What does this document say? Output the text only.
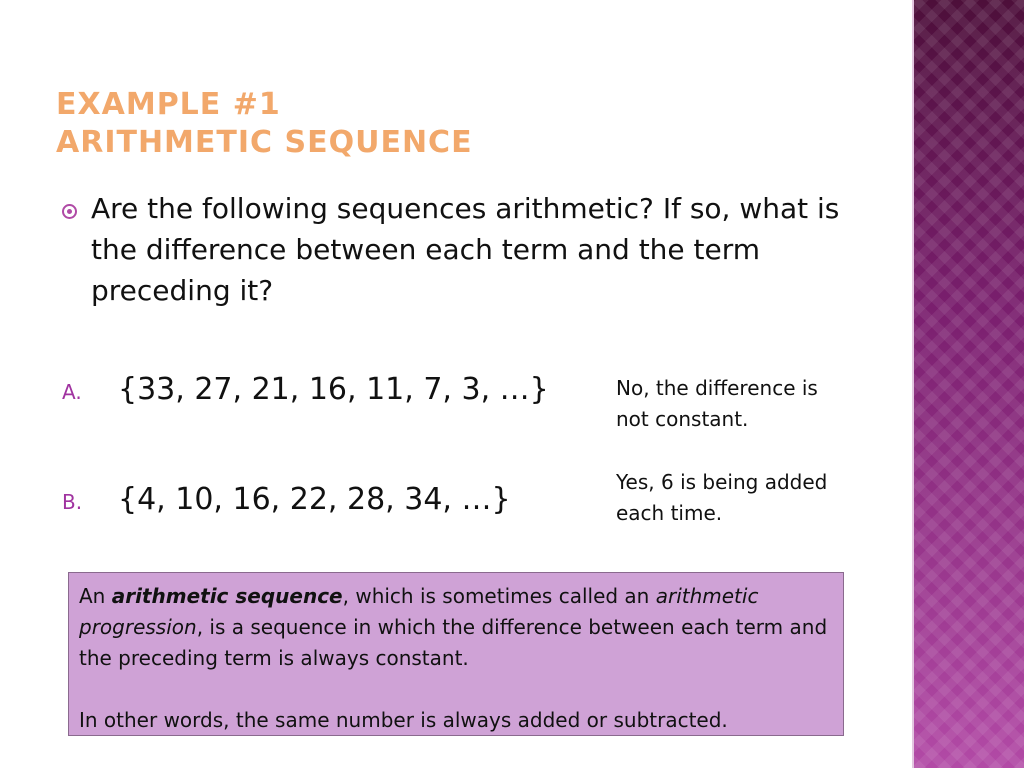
EXAMPLE #1
ARITHMETIC SEQUENCE
Are the following sequences arithmetic? If so, what is the difference between each term and the term preceding it?
A.	{33, 27, 21, 16, 11, 7, 3, …}	No, the difference is not constant.
B.	{4, 10, 16, 22, 28, 34, …}	Yes, 6 is being added each time.

An arithmetic sequence, which is sometimes called an arithmetic progression, is a sequence in which the difference between each term and the preceding term is always constant.

In other words, the same number is always added or subtracted.
